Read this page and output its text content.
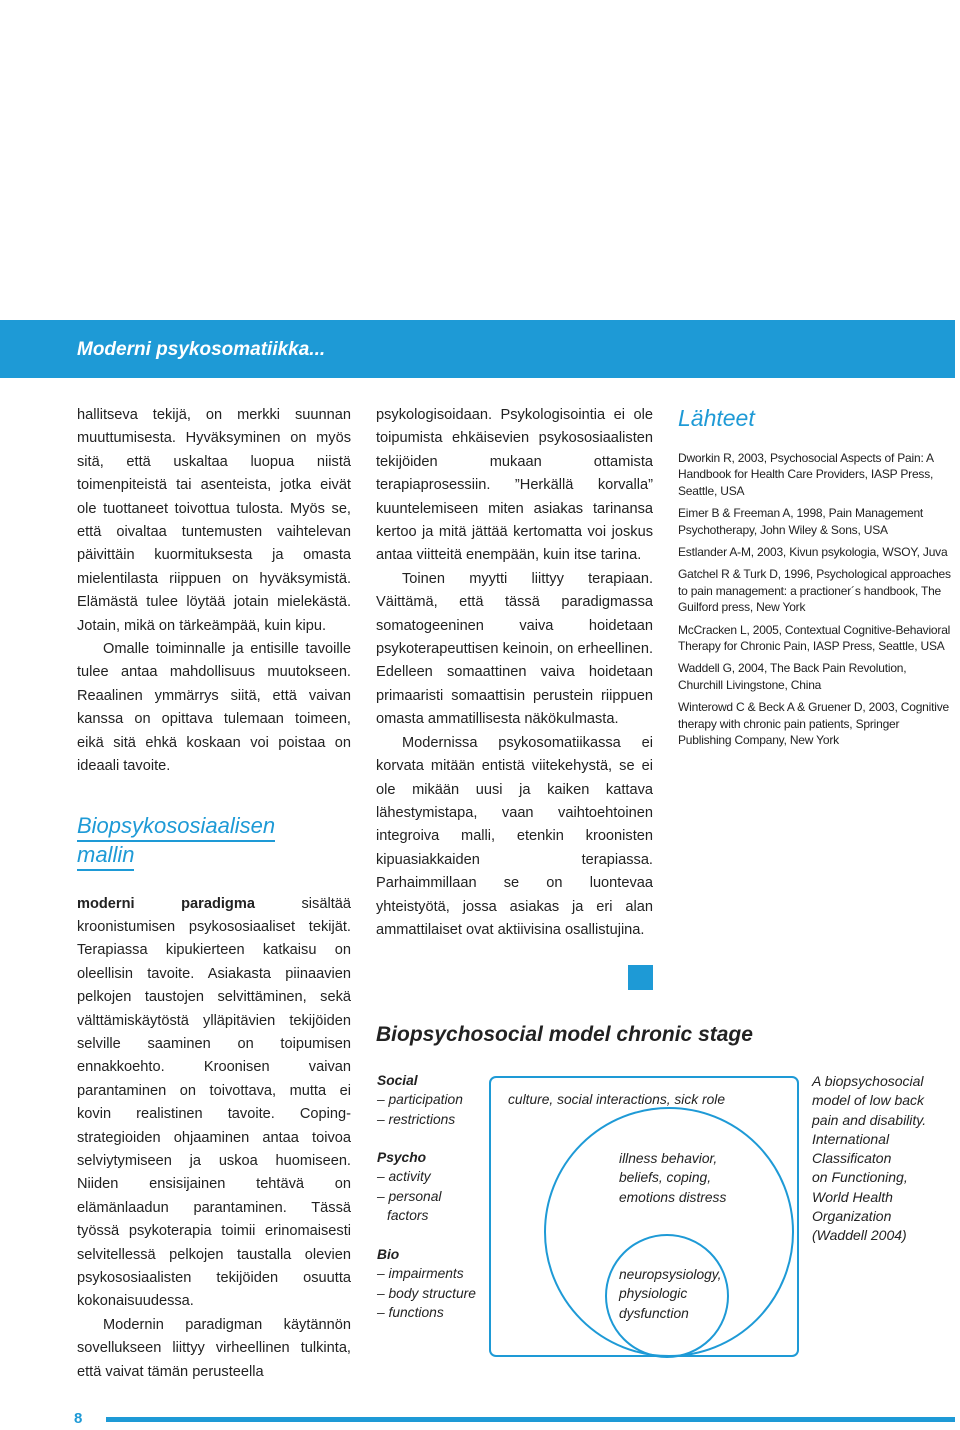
Moderni psykosomatiikka...

hallitseva tekijä, on merkki suunnan muuttumisesta. Hyväksyminen on myös sitä, että uskaltaa luopua niistä toimenpiteistä tai asenteista, jotka eivät ole tuottaneet toivottua tulosta. Myös se, että oivaltaa tuntemusten vaihtelevan päivittäin kuormituksesta ja omasta mielentilasta riippuen on hyväksymistä. Elämästä tulee löytää jotain mielekästä. Jotain, mikä on tärkeämpää, kuin kipu.

Omalle toiminnalle ja entisille tavoille tulee antaa mahdollisuus muutokseen. Reaalinen ymmärrys siitä, että vaivan kanssa on opittava tulemaan toimeen, eikä sitä ehkä koskaan voi poistaa on ideaali tavoite.

Biopsykososiaalisen
mallin

moderni paradigma sisältää kroonistumisen psykososiaaliset tekijät. Terapiassa kipukierteen katkaisu on oleellisin tavoite. Asiakasta piinaavien pelkojen taustojen selvittäminen, sekä välttämiskäytöstä ylläpitävien tekijöiden selville saaminen on toipumisen ennakkoehto. Kroonisen vaivan parantaminen on toivottava, mutta ei kovin realistinen tavoite. Coping-strategioiden ohjaaminen antaa toivoa selviytymiseen ja uskoa huomiseen. Niiden ensisijainen tehtävä on elämänlaadun parantaminen. Tässä työssä psykoterapia toimii erinomaisesti selvitellessä pelkojen taustalla olevien psykososiaalisten tekijöiden osuutta kokonaisuudessa.

Modernin paradigman käytännön sovellukseen liittyy virheellinen tulkinta, että vaivat tämän perusteella

psykologisoidaan. Psykologisointia ei ole toipumista ehkäisevien psykososiaalisten tekijöiden mukaan ottamista terapiaprosessiin. ”Herkällä korvalla” kuuntelemiseen miten asiakas tarinansa kertoo ja mitä jättää kertomatta voi joskus antaa viitteitä enempään, kuin itse tarina.

Toinen myytti liittyy terapiaan. Väittämä, että tässä paradigmassa somatogeeninen vaiva hoidetaan psykoterapeuttisen keinoin, on erheellinen. Edelleen somaattinen vaiva hoidetaan primaaristi somaattisin perustein riippuen omasta ammatillisesta näkökulmasta.

Modernissa psykosomatiikassa ei korvata mitään entistä viitekehystä, se ei ole mikään uusi ja kaiken kattava lähestymistapa, vaan vaihtoehtoinen integroiva malli, etenkin kroonisten kipuasiakkaiden terapiassa. Parhaimmillaan se on luontevaa yhteistyötä, jossa asiakas ja eri alan ammattilaiset ovat aktiivisina osallistujina.

Lähteet
Dworkin R, 2003, Psychosocial Aspects of Pain: A Handbook for Health Care Providers, IASP Press, Seattle, USA
Eimer B & Freeman A, 1998, Pain Management Psychotherapy, John Wiley & Sons, USA
Estlander A-M, 2003, Kivun psykologia, WSOY, Juva
Gatchel R & Turk D, 1996, Psychological approaches to pain management: a practioner´s handbook, The Guilford press, New York
McCracken L, 2005, Contextual Cognitive-Behavioral Therapy for Chronic Pain, IASP Press, Seattle, USA
Waddell G, 2004, The Back Pain Revolution, Churchill Livingstone, China
Winterowd C & Beck A & Gruener D, 2003, Cognitive therapy with chronic pain patients, Springer Publishing Company, New York
Biopsychosocial model chronic stage
Social
– participation
– restrictions
Psycho
– activity
– personal
factors
Bio
– impairments
– body structure
– functions
culture, social interactions, sick role
illness behavior,
beliefs, coping,
emotions distress
neuropsysiology,
physiologic
dysfunction
A biopsychosocial
model of low back
pain and disability.
International
Classificaton
on Functioning,
World Health
Organization
(Waddell 2004)
8
